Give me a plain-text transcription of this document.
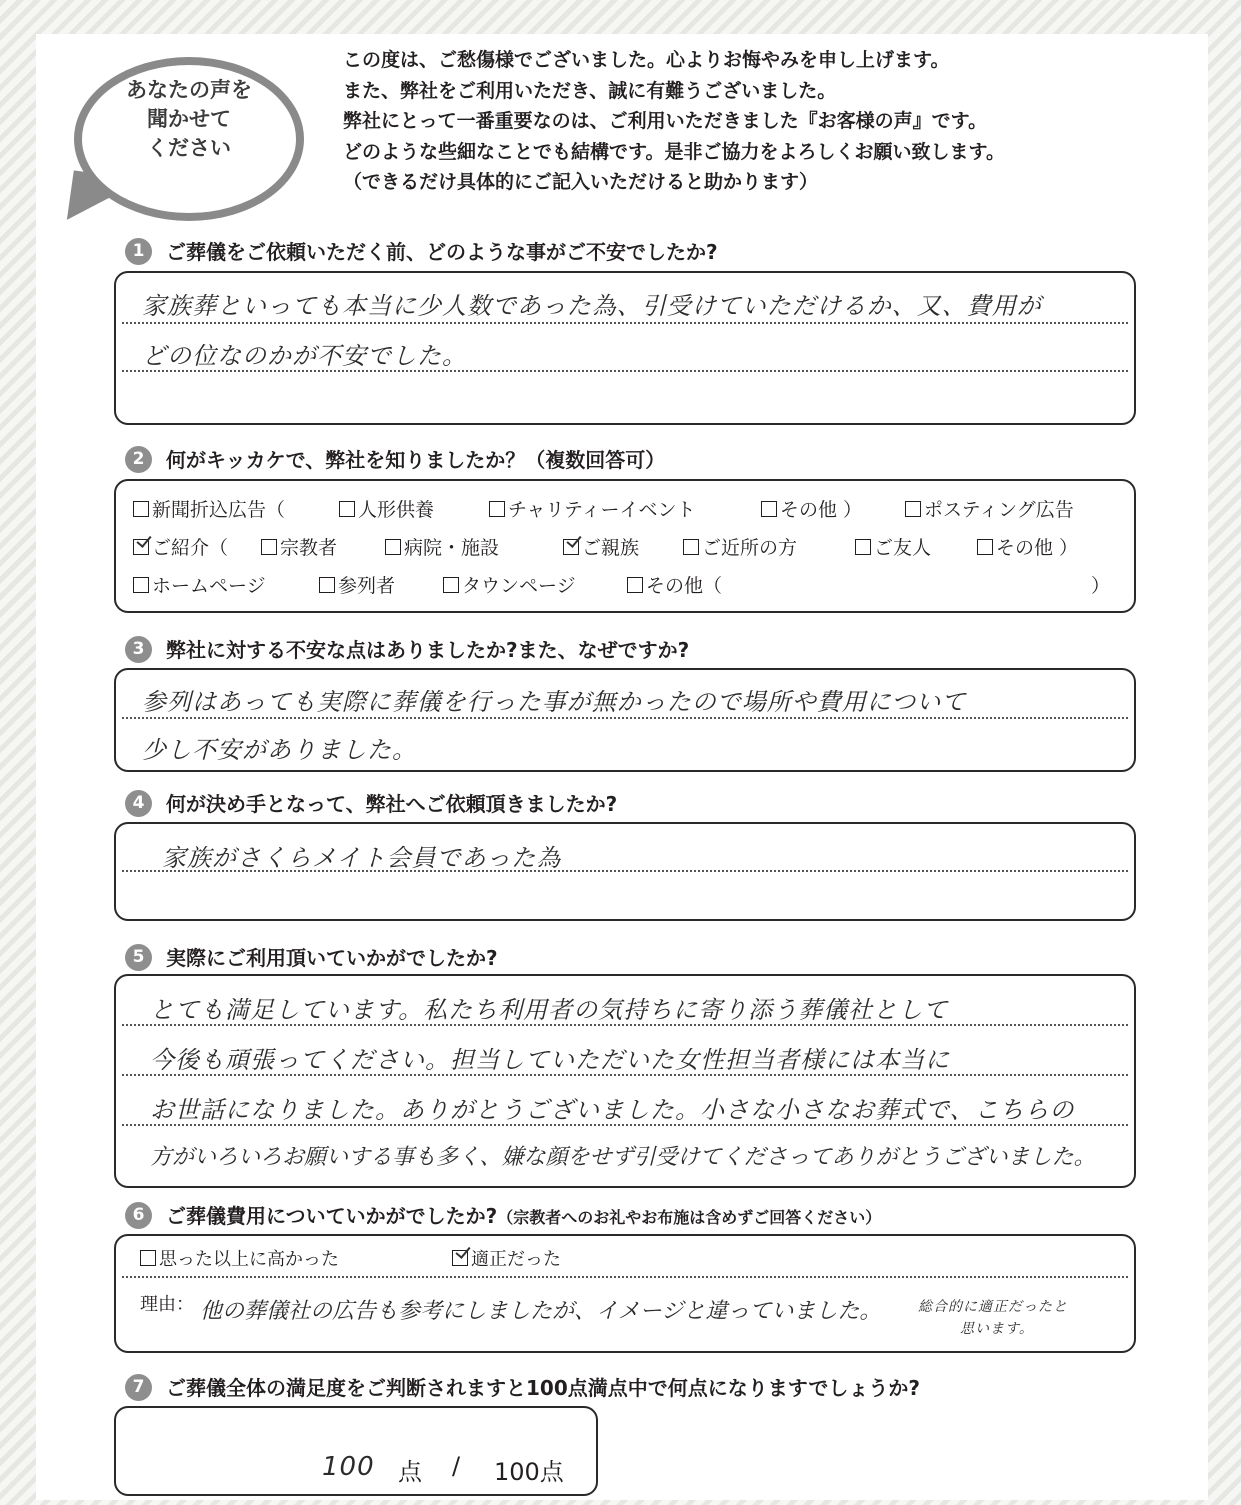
あなたの声を
聞かせて
ください
この度は、ご愁傷様でございました。心よりお悔やみを申し上げます。
また、弊社をご利用いただき、誠に有難うございました。
弊社にとって一番重要なのは、ご利用いただきました『お客様の声』です。
どのような些細なことでも結構です。是非ご協力をよろしくお願い致します。
（できるだけ具体的にご記入いただけると助かります）
1	ご葬儀をご依頼いただく前、どのような事がご不安でしたか?
家族葬といっても本当に少人数であった為、引受けていただけるか、又、費用が
どの位なのかが不安でした。
2	何がキッカケで、弊社を知りましたか？（複数回答可）
新聞折込広告（	人形供養	チャリティーイベント	その他 ）	ポスティング広告
ご紹介（	宗教者	病院・施設	ご親族	ご近所の方	ご友人	その他 ）
ホームページ	参列者	タウンページ	その他（	）
3	弊社に対する不安な点はありましたか?また、なぜですか?
参列はあっても実際に葬儀を行った事が無かったので場所や費用について
少し不安がありました。
4	何が決め手となって、弊社へご依頼頂きましたか?
家族がさくらメイト会員であった為
5	実際にご利用頂いていかがでしたか?
とても満足しています。私たち利用者の気持ちに寄り添う葬儀社として
今後も頑張ってください。担当していただいた女性担当者様には本当に
お世話になりました。ありがとうございました。小さな小さなお葬式で、こちらの
方がいろいろお願いする事も多く、嫌な顔をせず引受けてくださってありがとうございました。
6	ご葬儀費用についていかがでしたか?（宗教者へのお礼やお布施は含めずご回答ください）
思った以上に高かった	適正だった
理由： 他の葬儀社の広告も参考にしましたが、イメージと違っていました。	総合的に適正だったと
思います。
7	ご葬儀全体の満足度をご判断されますと100点満点中で何点になりますでしょうか?
100 点 / 100点
